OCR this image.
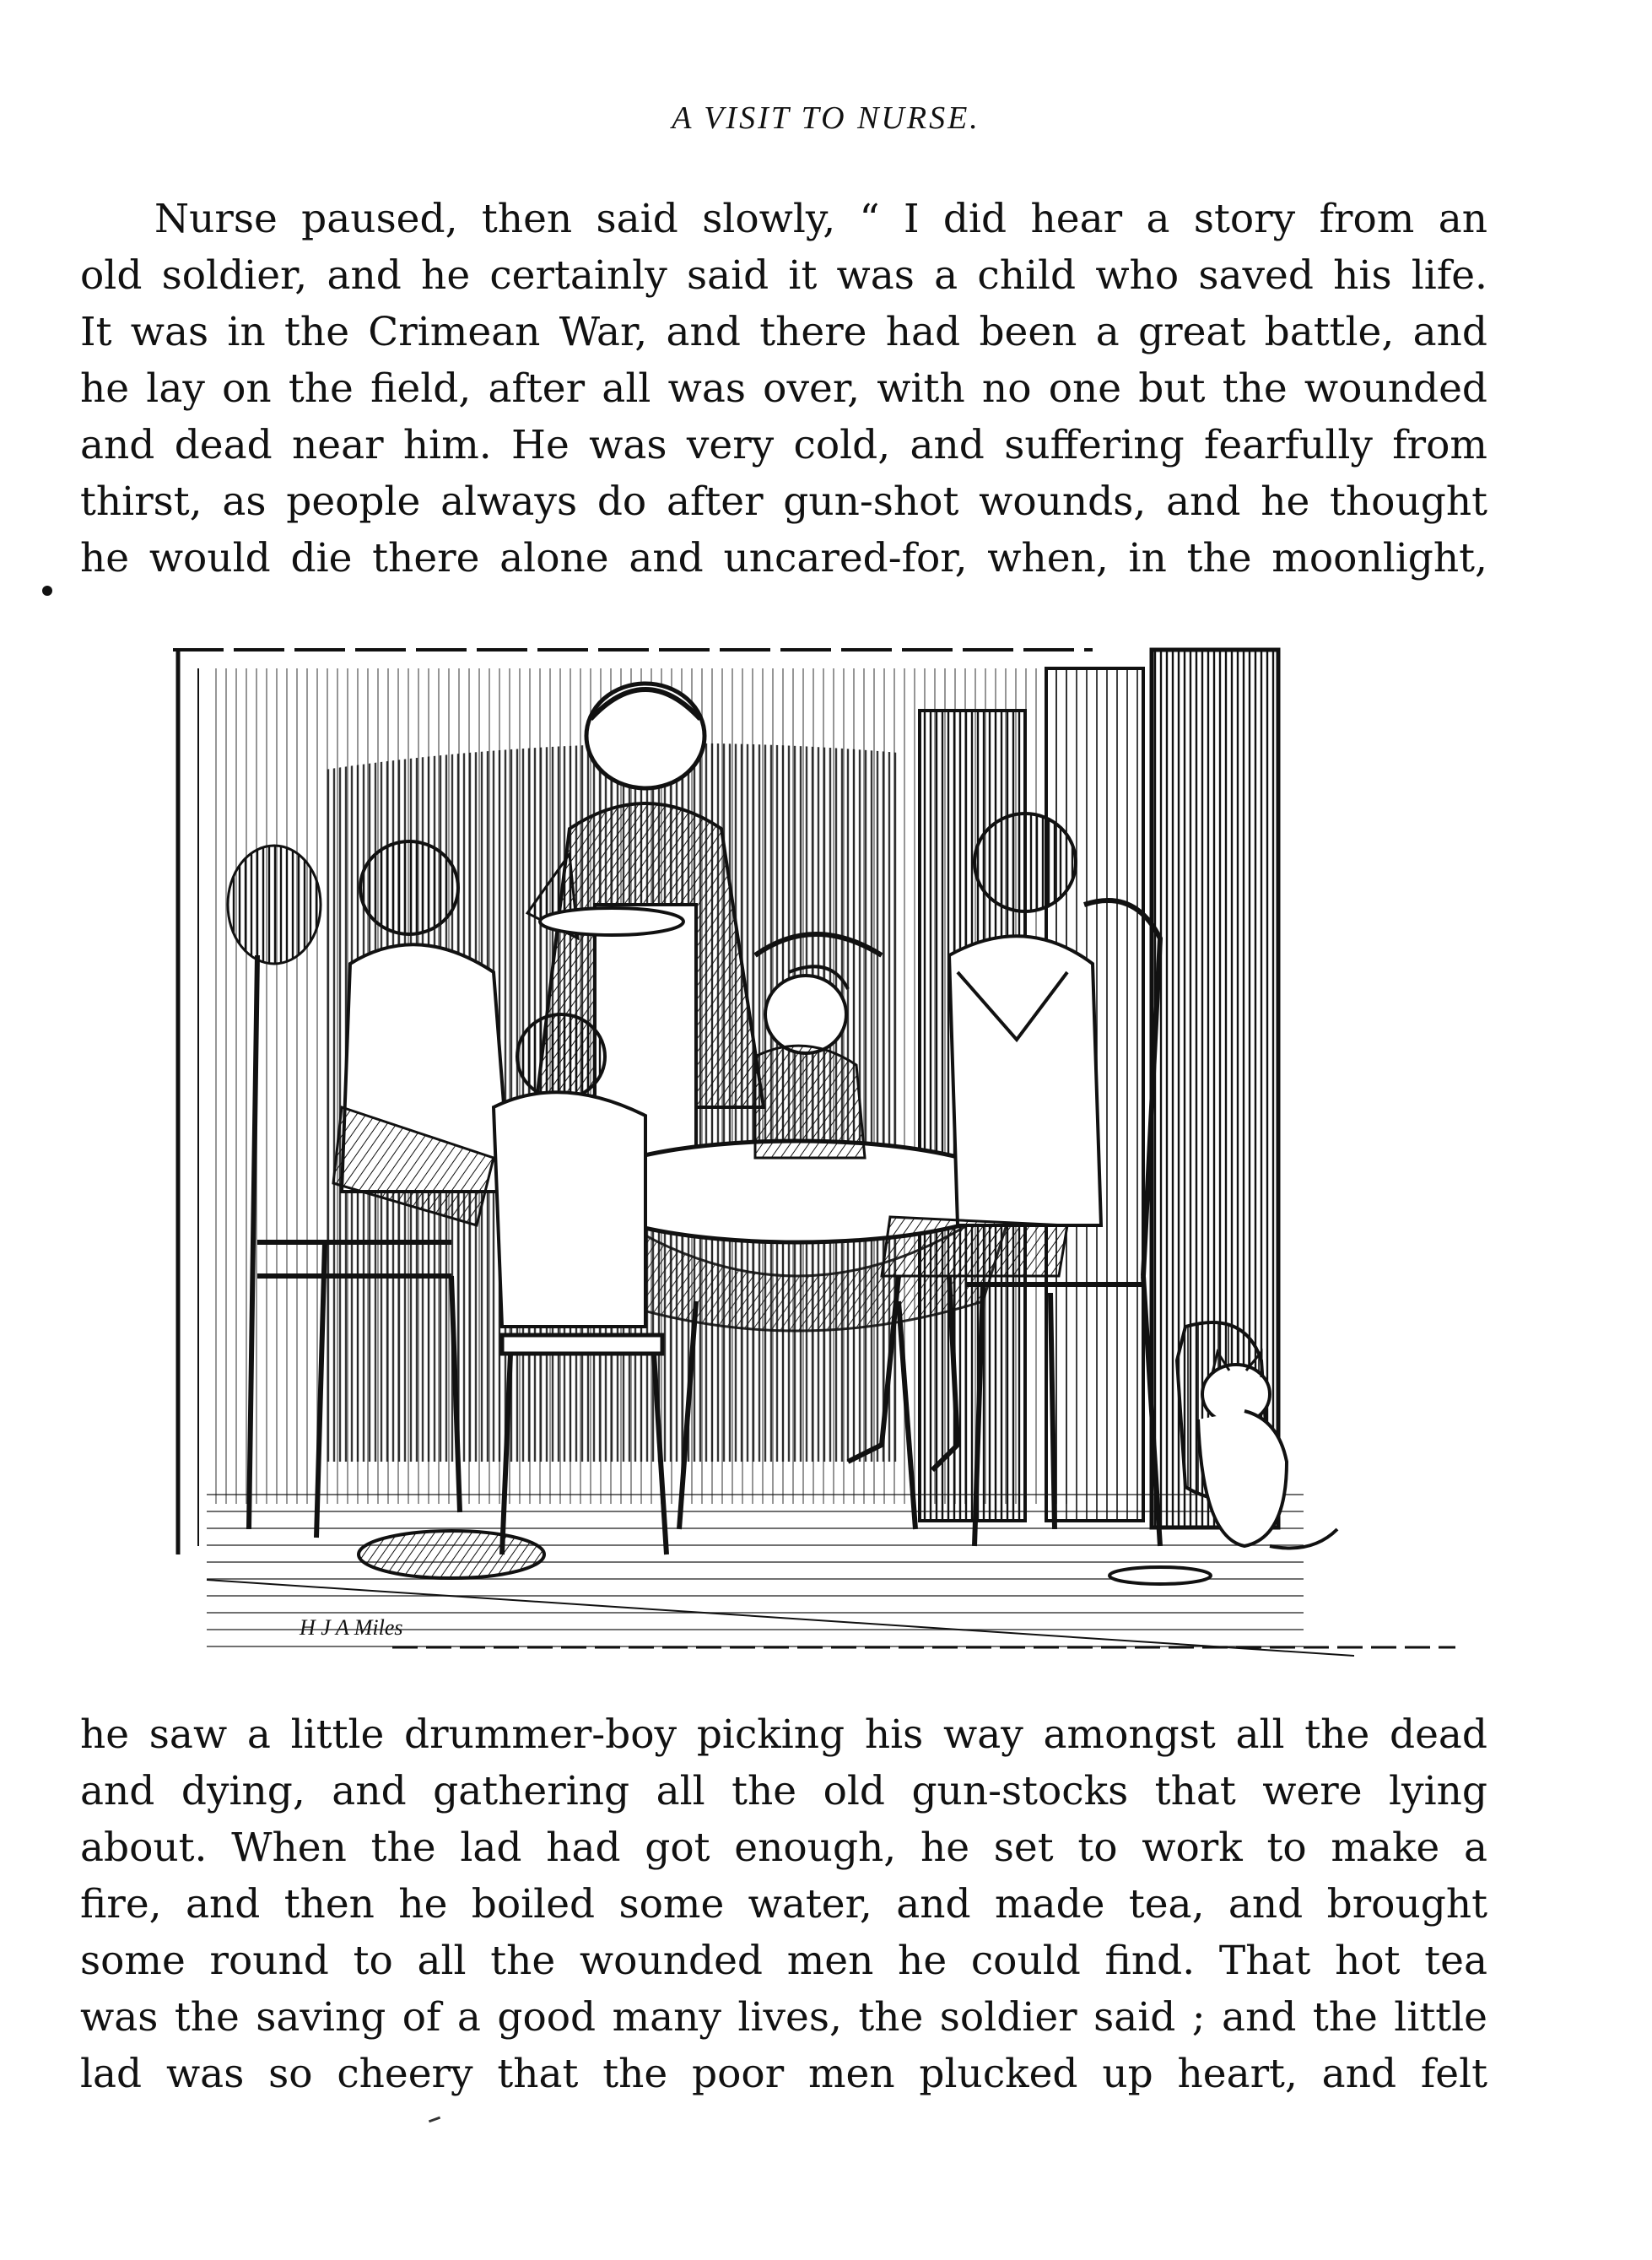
A VISIT TO NURSE.
Nurse paused, then said slowly, “ I did hear a story from an
old soldier, and he certainly said it was a child who saved his life.
It was in the Crimean War, and there had been a great battle, and
he lay on the field, after all was over, with no one but the wounded
and dead near him. He was very cold, and suffering fearfully from
thirst, as people always do after gun-shot wounds, and he thought
he would die there alone and uncared-for, when, in the moonlight,
H J A Miles
he saw a little drummer-boy picking his way amongst all the dead
and dying, and gathering all the old gun-stocks that were lying
about. When the lad had got enough, he set to work to make a
fire, and then he boiled some water, and made tea, and brought
some round to all the wounded men he could find. That hot tea
was the saving of a good many lives, the soldier said ; and the little
lad was so cheery that the poor men plucked up heart, and felt
